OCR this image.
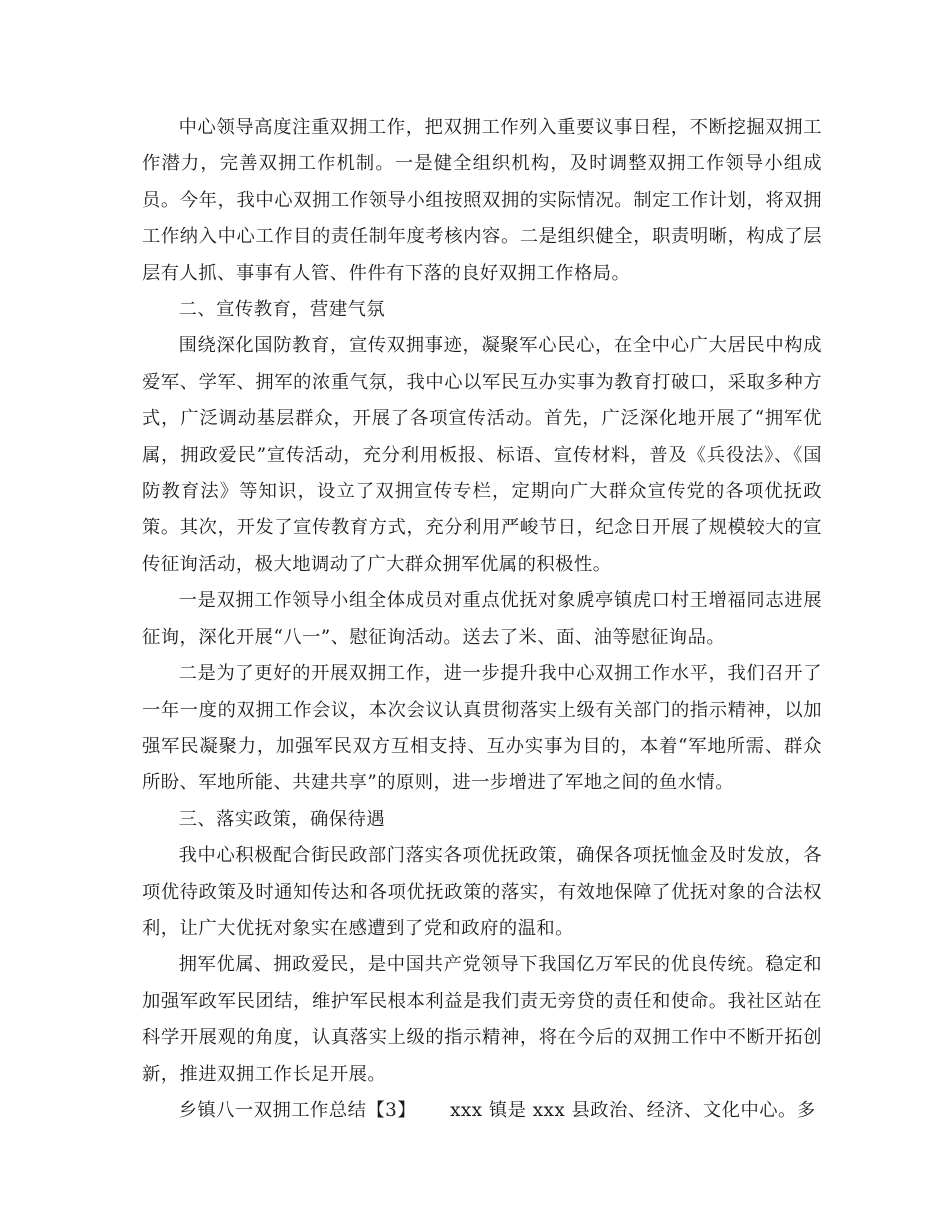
中心领导高度注重双拥工作，把双拥工作列入重要议事日程，不断挖掘双拥工作潜力，完善双拥工作机制。一是健全组织机构，及时调整双拥工作领导小组成员。今年，我中心双拥工作领导小组按照双拥的实际情况。制定工作计划，将双拥工作纳入中心工作目的责任制年度考核内容。二是组织健全，职责明晰，构成了层层有人抓、事事有人管、件件有下落的良好双拥工作格局。

二、宣传教育，营建气氛

围绕深化国防教育，宣传双拥事迹，凝聚军心民心，在全中心广大居民中构成爱军、学军、拥军的浓重气氛，我中心以军民互办实事为教育打破口，采取多种方式，广泛调动基层群众，开展了各项宣传活动。首先，广泛深化地开展了“拥军优属，拥政爱民”宣传活动，充分利用板报、标语、宣传材料，普及《兵役法》、《国防教育法》等知识，设立了双拥宣传专栏，定期向广大群众宣传党的各项优抚政策。其次，开发了宣传教育方式，充分利用严峻节日，纪念日开展了规模较大的宣传征询活动，极大地调动了广大群众拥军优属的积极性。

一是双拥工作领导小组全体成员对重点优抚对象虒亭镇虎口村王增福同志进展征询，深化开展“八一”、慰征询活动。送去了米、面、油等慰征询品。

二是为了更好的开展双拥工作，进一步提升我中心双拥工作水平，我们召开了一年一度的双拥工作会议，本次会议认真贯彻落实上级有关部门的指示精神，以加强军民凝聚力，加强军民双方互相支持、互办实事为目的，本着“军地所需、群众所盼、军地所能、共建共享”的原则，进一步增进了军地之间的鱼水情。

三、落实政策，确保待遇

我中心积极配合街民政部门落实各项优抚政策，确保各项抚恤金及时发放，各项优待政策及时通知传达和各项优抚政策的落实，有效地保障了优抚对象的合法权利，让广大优抚对象实在感遭到了党和政府的温和。

拥军优属、拥政爱民，是中国共产党领导下我国亿万军民的优良传统。稳定和加强军政军民团结，维护军民根本利益是我们责无旁贷的责任和使命。我社区站在科学开展观的角度，认真落实上级的指示精神，将在今后的双拥工作中不断开拓创新，推进双拥工作长足开展。

乡镇八一双拥工作总结【3】 xxx 镇是 xxx 县政治、经济、文化中心。多
